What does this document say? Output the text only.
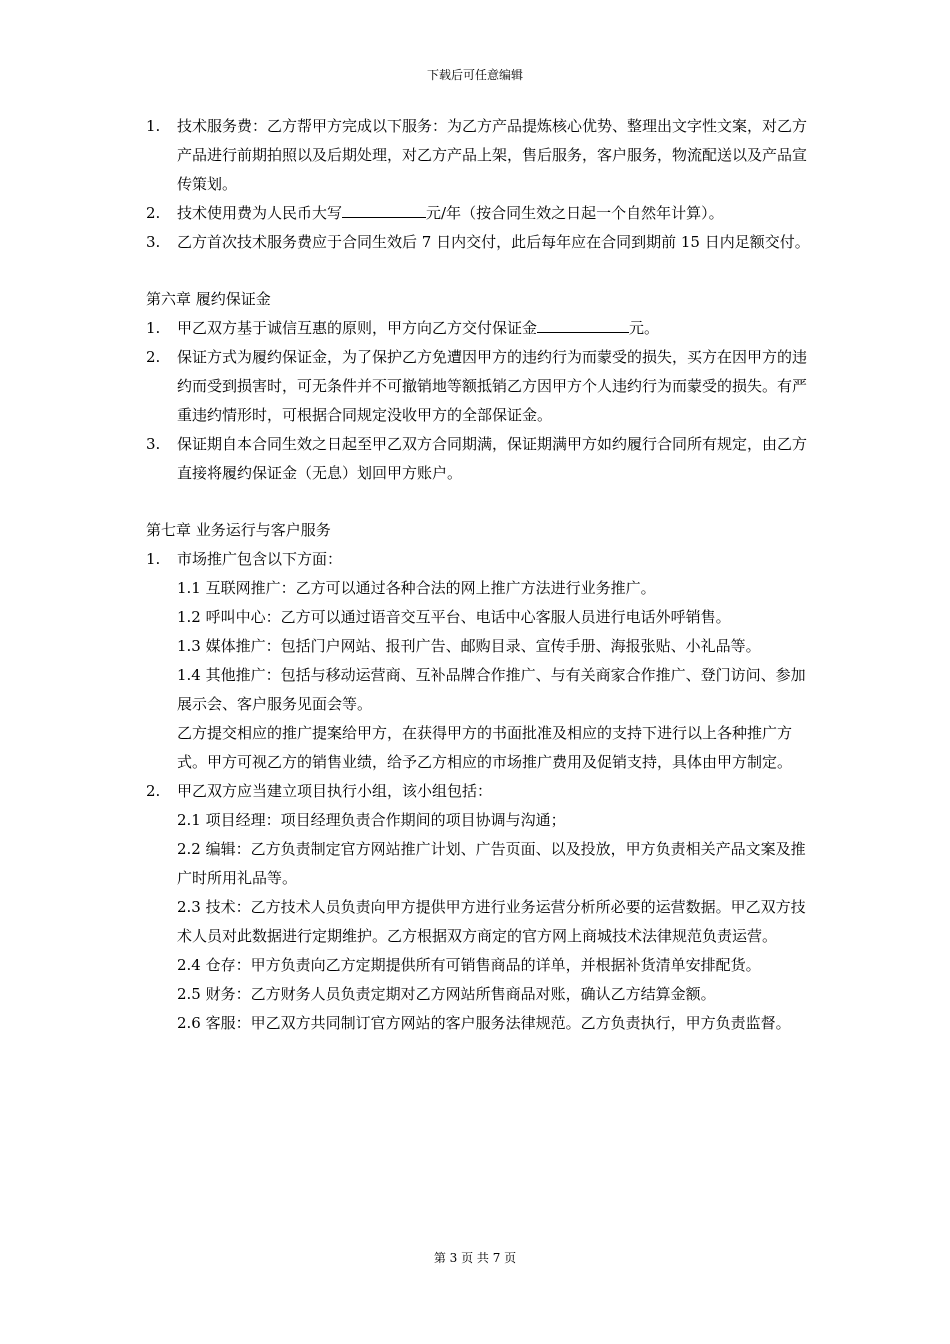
下载后可任意编辑
1. 技术服务费：乙方帮甲方完成以下服务：为乙方产品提炼核心优势、整理出文字性文案，对乙方产品进行前期拍照以及后期处理，对乙方产品上架，售后服务，客户服务，物流配送以及产品宣传策划。
2. 技术使用费为人民币大写	元/年（按合同生效之日起一个自然年计算）。
3. 乙方首次技术服务费应于合同生效后 7 日内交付，此后每年应在合同到期前 15 日内足额交付。
第六章 履约保证金
1. 甲乙双方基于诚信互惠的原则，甲方向乙方交付保证金	元。
2. 保证方式为履约保证金，为了保护乙方免遭因甲方的违约行为而蒙受的损失，买方在因甲方的违约而受到损害时，可无条件并不可撤销地等额抵销乙方因甲方个人违约行为而蒙受的损失。有严重违约情形时，可根据合同规定没收甲方的全部保证金。
3. 保证期自本合同生效之日起至甲乙双方合同期满，保证期满甲方如约履行合同所有规定，由乙方直接将履约保证金（无息）划回甲方账户。
第七章 业务运行与客户服务
1. 市场推广包含以下方面：
1.1 互联网推广：乙方可以通过各种合法的网上推广方法进行业务推广。
1.2 呼叫中心：乙方可以通过语音交互平台、电话中心客服人员进行电话外呼销售。
1.3 媒体推广：包括门户网站、报刊广告、邮购目录、宣传手册、海报张贴、小礼品等。
1.4 其他推广：包括与移动运营商、互补品牌合作推广、与有关商家合作推广、登门访问、参加展示会、客户服务见面会等。
乙方提交相应的推广提案给甲方，在获得甲方的书面批准及相应的支持下进行以上各种推广方式。甲方可视乙方的销售业绩，给予乙方相应的市场推广费用及促销支持，具体由甲方制定。
2. 甲乙双方应当建立项目执行小组，该小组包括：
2.1 项目经理：项目经理负责合作期间的项目协调与沟通；
2.2 编辑：乙方负责制定官方网站推广计划、广告页面、以及投放，甲方负责相关产品文案及推广时所用礼品等。
2.3 技术：乙方技术人员负责向甲方提供甲方进行业务运营分析所必要的运营数据。甲乙双方技术人员对此数据进行定期维护。乙方根据双方商定的官方网上商城技术法律规范负责运营。
2.4 仓存：甲方负责向乙方定期提供所有可销售商品的详单，并根据补货清单安排配货。
2.5 财务：乙方财务人员负责定期对乙方网站所售商品对账，确认乙方结算金额。
2.6 客服：甲乙双方共同制订官方网站的客户服务法律规范。乙方负责执行，甲方负责监督。
第 3 页 共 7 页
